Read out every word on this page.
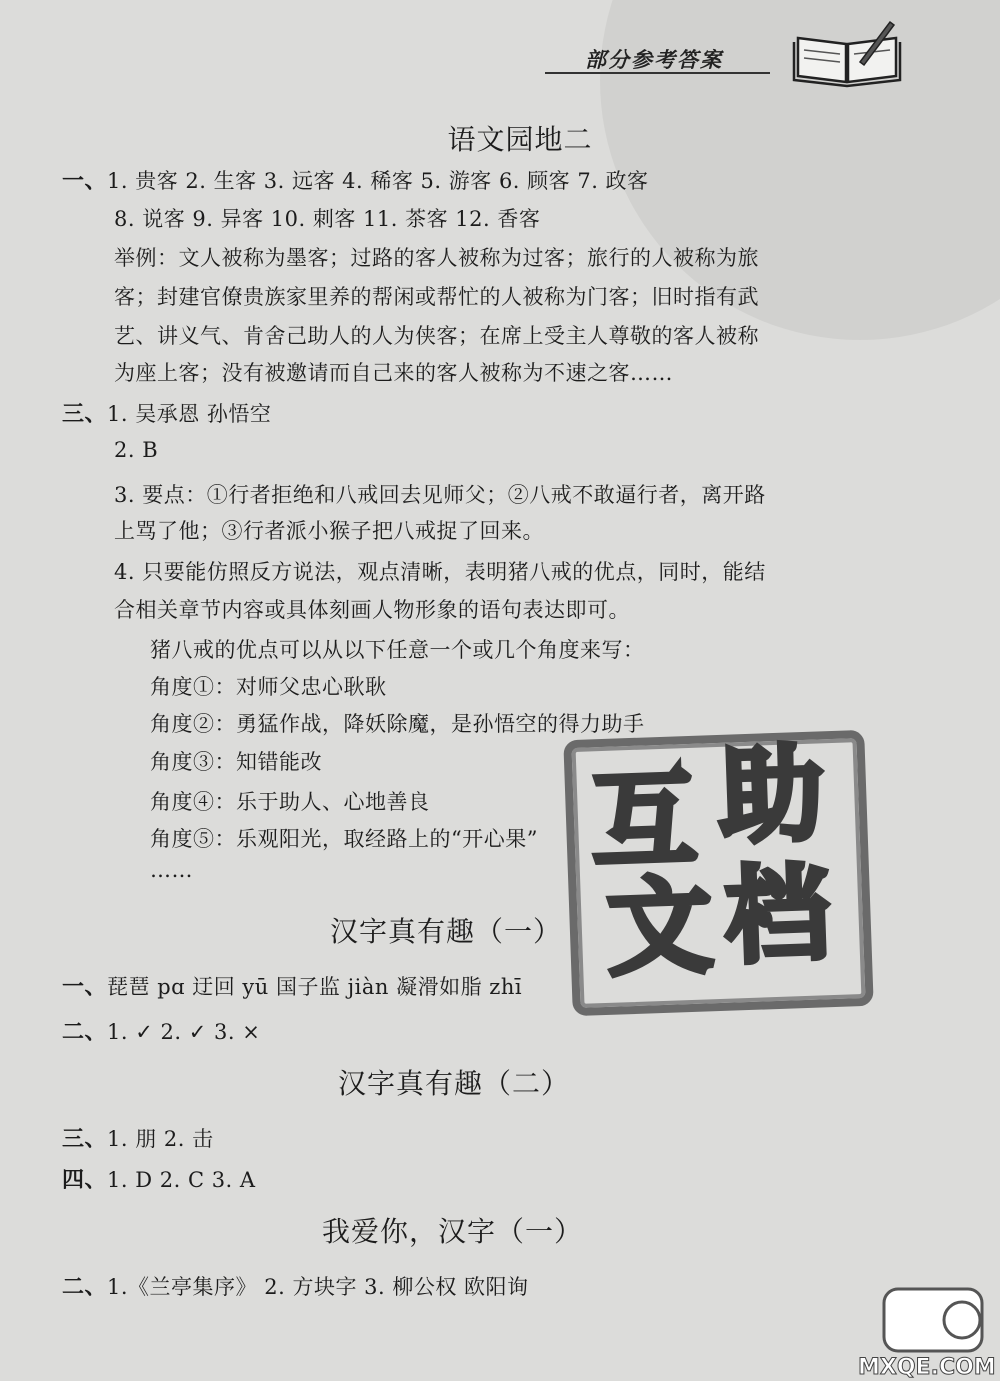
部分参考答案
语文园地二
一、1. 贵客 2. 生客 3. 远客 4. 稀客 5. 游客 6. 顾客 7. 政客
8. 说客 9. 异客 10. 刺客 11. 茶客 12. 香客
举例：文人被称为墨客；过路的客人被称为过客；旅行的人被称为旅
客；封建官僚贵族家里养的帮闲或帮忙的人被称为门客；旧时指有武
艺、讲义气、肯舍己助人的人为侠客；在席上受主人尊敬的客人被称
为座上客；没有被邀请而自己来的客人被称为不速之客……
三、1. 吴承恩 孙悟空
2. B
3. 要点：①行者拒绝和八戒回去见师父；②八戒不敢逼行者，离开路
上骂了他；③行者派小猴子把八戒捉了回来。
4. 只要能仿照反方说法，观点清晰，表明猪八戒的优点，同时，能结
合相关章节内容或具体刻画人物形象的语句表达即可。
猪八戒的优点可以从以下任意一个或几个角度来写：
角度①：对师父忠心耿耿
角度②：勇猛作战，降妖除魔，是孙悟空的得力助手
角度③：知错能改
角度④：乐于助人、心地善良
角度⑤：乐观阳光，取经路上的“开心果”
……
汉字真有趣（一）
一、琵琶 pɑ 迂回 yū 国子监 jiàn 凝滑如脂 zhī
二、1. ✓ 2. ✓ 3. ×
汉字真有趣（二）
三、1. 朋 2. 击
四、1. D 2. C 3. A
我爱你，汉字（一）
二、1.《兰亭集序》 2. 方块字 3. 柳公权 欧阳询
互 助
文 档
MXQE.COM
